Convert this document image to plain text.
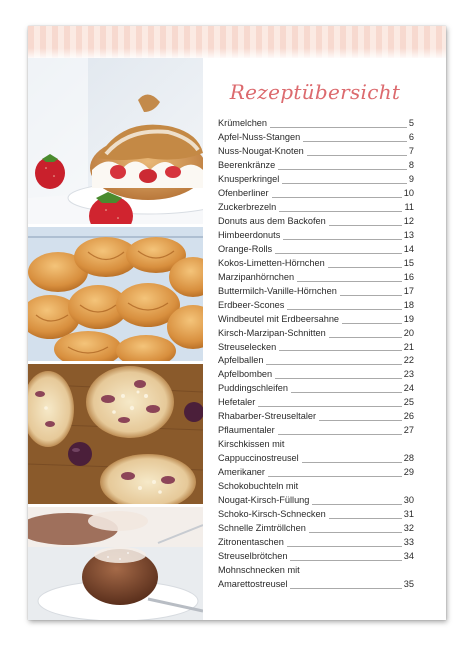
Rezeptübersicht
Krümelchen	5
Apfel-Nuss-Stangen	6
Nuss-Nougat-Knoten	7
Beerenkränze	8
Knusperkringel	9
Ofenberliner	10
Zuckerbrezeln	11
Donuts aus dem Backofen	12
Himbeerdonuts	13
Orange-Rolls	14
Kokos-Limetten-Hörnchen	15
Marzipanhörnchen	16
Buttermilch-Vanille-Hörnchen	17
Erdbeer-Scones	18
Windbeutel mit Erdbeersahne	19
Kirsch-Marzipan-Schnitten	20
Streuselecken	21
Apfelballen	22
Apfelbomben	23
Puddingschleifen	24
Hefetaler	25
Rhabarber-Streuseltaler	26
Pflaumentaler	27
Kirschkissen mit
Cappuccinostreusel	28
Amerikaner	29
Schokobuchteln mit
Nougat-Kirsch-Füllung	30
Schoko-Kirsch-Schnecken	31
Schnelle Zimtröllchen	32
Zitronentaschen	33
Streuselbrötchen	34
Mohnschnecken mit
Amarettostreusel	35
